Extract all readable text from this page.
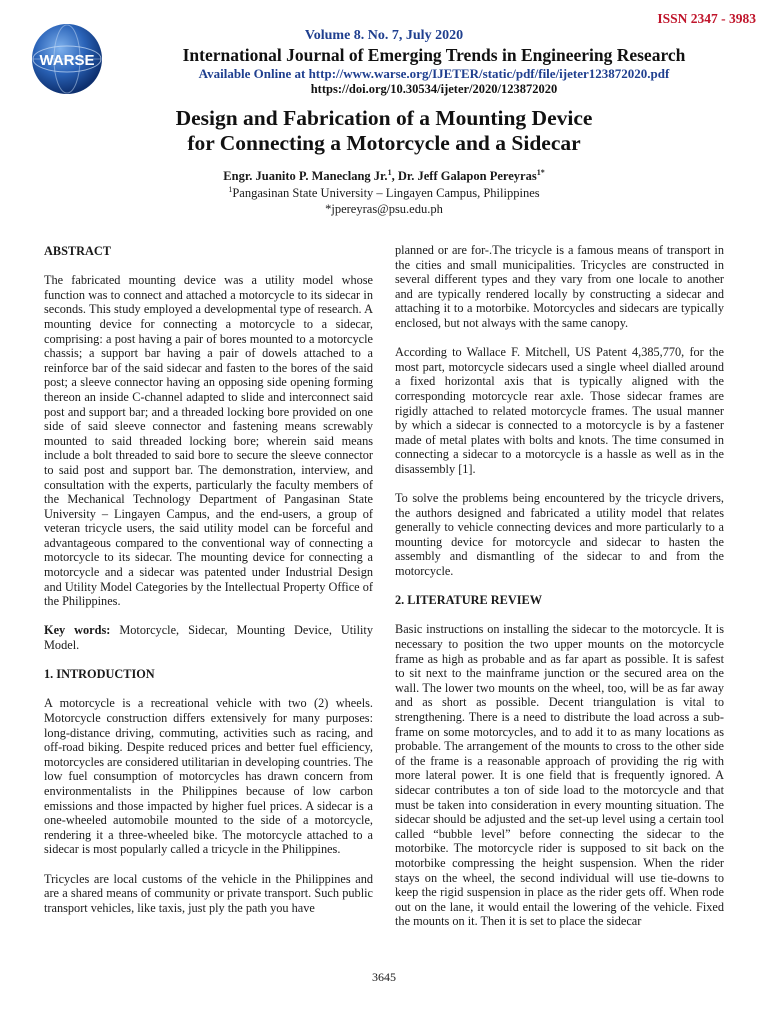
WARSE
ISSN 2347 - 3983
Volume 8. No. 7, July 2020
International Journal of Emerging Trends in Engineering Research
Available Online at http://www.warse.org/IJETER/static/pdf/file/ijeter123872020.pdf
https://doi.org/10.30534/ijeter/2020/123872020
Design and Fabrication of a Mounting Device
for Connecting a Motorcycle and a Sidecar
Engr. Juanito P. Maneclang Jr.$^1$, Dr. Jeff Galapon Pereyras$^{1*}$
$^1$Pangasinan State University – Lingayen Campus, Philippines
*jpereyras@psu.edu.ph
ABSTRACT

The fabricated mounting device was a utility model whose function was to connect and attached a motorcycle to its sidecar in seconds. This study employed a developmental type of research. A mounting device for connecting a motorcycle to a sidecar, comprising: a post having a pair of bores mounted to a motorcycle chassis; a support bar having a pair of dowels attached to a reinforce bar of the said sidecar and fasten to the bores of the said post; a sleeve connector having an opposing side opening forming thereon an inside C-channel adapted to slide and interconnect said post and support bar; and a threaded locking bore provided on one side of said sleeve connector and fastening means screwably mounted to said threaded locking bore; wherein said means include a bolt threaded to said bore to secure the sleeve connector to said post and support bar. The demonstration, interview, and consultation with the experts, particularly the faculty members of the Mechanical Technology Department of Pangasinan State University – Lingayen Campus, and the end-users, a group of veteran tricycle users, the said utility model can be forceful and advantageous compared to the conventional way of connecting a motorcycle to its sidecar. The mounting device for connecting a motorcycle and a sidecar was patented under Industrial Design and Utility Model Categories by the Intellectual Property Office of the Philippines.

Key words: Motorcycle, Sidecar, Mounting Device, Utility Model.

1. INTRODUCTION

A motorcycle is a recreational vehicle with two (2) wheels. Motorcycle construction differs extensively for many purposes: long-distance driving, commuting, activities such as racing, and off-road biking. Despite reduced prices and better fuel efficiency, motorcycles are considered utilitarian in developing countries. The low fuel consumption of motorcycles has drawn concern from environmentalists in the Philippines because of low carbon emissions and those impacted by higher fuel prices. A sidecar is a one-wheeled automobile mounted to the side of a motorcycle, rendering it a three-wheeled bike. The motorcycle attached to a sidecar is most popularly called a tricycle in the Philippines.

Tricycles are local customs of the vehicle in the Philippines and are a shared means of community or private transport. Such public transport vehicles, like taxis, just ply the path you have

planned or are for-.The tricycle is a famous means of transport in the cities and small municipalities. Tricycles are constructed in several different types and they vary from one locale to another and are typically rendered locally by constructing a sidecar and attaching it to a motorbike. Motorcycles and sidecars are typically enclosed, but not always with the same canopy.

According to Wallace F. Mitchell, US Patent 4,385,770, for the most part, motorcycle sidecars used a single wheel dialled around a fixed horizontal axis that is typically aligned with the corresponding motorcycle rear axle. Those sidecar frames are rigidly attached to related motorcycle frames. The usual manner by which a sidecar is connected to a motorcycle is by a fastener made of metal plates with bolts and knots. The time consumed in connecting a sidecar to a motorcycle is a hassle as well as in the disassembly [1].

To solve the problems being encountered by the tricycle drivers, the authors designed and fabricated a utility model that relates generally to vehicle connecting devices and more particularly to a mounting device for motorcycle and sidecar to hasten the assembly and dismantling of the sidecar to and from the motorcycle.

2. LITERATURE REVIEW

Basic instructions on installing the sidecar to the motorcycle. It is necessary to position the two upper mounts on the motorcycle frame as high as probable and as far apart as possible. It is safest to sit next to the mainframe junction or the secured area on the wall. The lower two mounts on the wheel, too, will be as far away and as short as possible. Decent triangulation is vital to strengthening. There is a need to distribute the load across a sub-frame on some motorcycles, and to add it to as many locations as probable. The arrangement of the mounts to cross to the other side of the frame is a reasonable approach of providing the rig with more lateral power. It is one field that is frequently ignored. A sidecar contributes a ton of side load to the motorcycle and that must be taken into consideration in every mounting situation. The sidecar should be adjusted and the set-up level using a certain tool called “bubble level” before connecting the sidecar to the motorbike. The motorcycle rider is supposed to sit back on the motorbike compressing the height suspension. When the rider stays on the wheel, the second individual will use tie-downs to keep the rigid suspension in place as the rider gets off. When rode out on the lane, it would entail the lowering of the vehicle. Fixed the mounts on it. Then it is set to place the sidecar

3645
